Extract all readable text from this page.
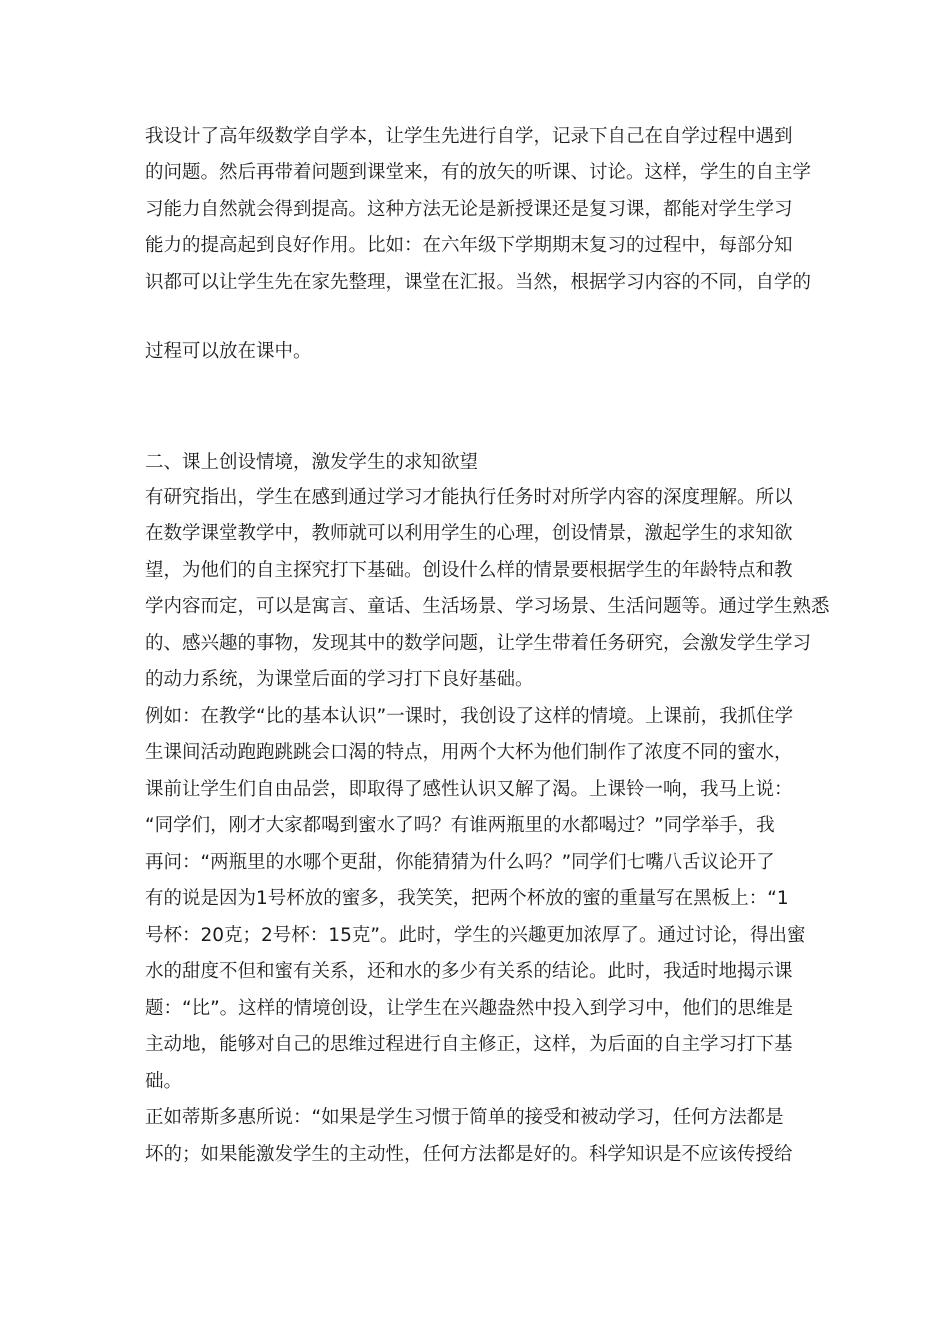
我设计了高年级数学自学本，让学生先进行自学，记录下自己在自学过程中遇到
的问题。然后再带着问题到课堂来，有的放矢的听课、讨论。这样，学生的自主学
习能力自然就会得到提高。这种方法无论是新授课还是复习课，都能对学生学习
能力的提高起到良好作用。比如：在六年级下学期期末复习的过程中，每部分知
识都可以让学生先在家先整理，课堂在汇报。当然，根据学习内容的不同，自学的
过程可以放在课中。
二、课上创设情境，激发学生的求知欲望
有研究指出，学生在感到通过学习才能执行任务时对所学内容的深度理解。所以
在数学课堂教学中，教师就可以利用学生的心理，创设情景，激起学生的求知欲
望，为他们的自主探究打下基础。创设什么样的情景要根据学生的年龄特点和教
学内容而定，可以是寓言、童话、生活场景、学习场景、生活问题等。通过学生熟悉
的、感兴趣的事物，发现其中的数学问题，让学生带着任务研究，会激发学生学习
的动力系统，为课堂后面的学习打下良好基础。
例如：在教学“比的基本认识”一课时，我创设了这样的情境。上课前，我抓住学
生课间活动跑跑跳跳会口渴的特点，用两个大杯为他们制作了浓度不同的蜜水，
课前让学生们自由品尝，即取得了感性认识又解了渴。上课铃一响，我马上说：
“同学们，刚才大家都喝到蜜水了吗？有谁两瓶里的水都喝过？”同学举手，我
再问：“两瓶里的水哪个更甜，你能猜猜为什么吗？”同学们七嘴八舌议论开了
有的说是因为1号杯放的蜜多，我笑笑，把两个杯放的蜜的重量写在黑板上：“1
号杯：20克；2号杯：15克”。此时，学生的兴趣更加浓厚了。通过讨论，得出蜜
水的甜度不但和蜜有关系，还和水的多少有关系的结论。此时，我适时地揭示课
题：“比”。这样的情境创设，让学生在兴趣盎然中投入到学习中，他们的思维是
主动地，能够对自己的思维过程进行自主修正，这样，为后面的自主学习打下基
础。
正如蒂斯多惠所说：“如果是学生习惯于简单的接受和被动学习，任何方法都是
坏的；如果能激发学生的主动性，任何方法都是好的。科学知识是不应该传授给
